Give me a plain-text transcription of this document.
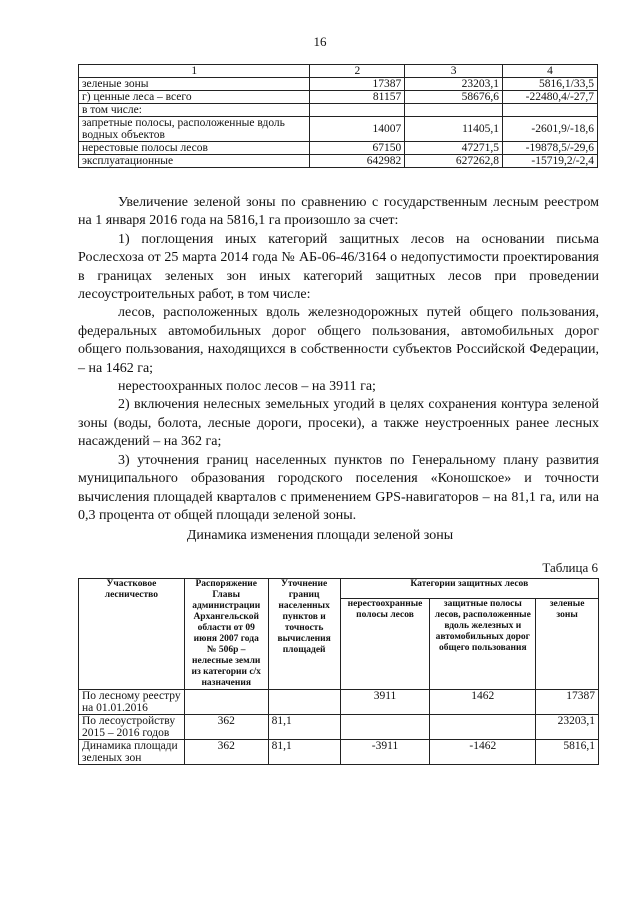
16
1	2	3	4
зеленые зоны	17387	23203,1	5816,1/33,5
г) ценные леса – всего	81157	58676,6	-22480,4/-27,7
в том числе:			
запретные полосы, расположенные вдоль водных объектов	14007	11405,1	-2601,9/-18,6
нерестовые полосы лесов	67150	47271,5	-19878,5/-29,6
эксплуатационные	642982	627262,8	-15719,2/-2,4

Увеличение зеленой зоны по сравнению с государственным лесным реестром на 1 января 2016 года на 5816,1 га произошло за счет:

1) поглощения иных категорий защитных лесов на основании письма Рослесхоза от 25 марта 2014 года № АБ-06-46/3164 о недопустимости проектирования в границах зеленых зон иных категорий защитных лесов при проведении лесоустроительных работ, в том числе:

лесов, расположенных вдоль железнодорожных путей общего пользования, федеральных автомобильных дорог общего пользования, автомобильных дорог общего пользования, находящихся в собственности субъектов Российской Федерации, – на 1462 га;

нерестоохранных полос лесов – на 3911 га;

2) включения нелесных земельных угодий в целях сохранения контура зеленой зоны (воды, болота, лесные дороги, просеки), а также неустроенных ранее лесных насаждений – на 362 га;

3) уточнения границ населенных пунктов по Генеральному плану развития муниципального образования городского поселения «Коношское» и точности вычисления площадей кварталов с применением GPS-навигаторов – на 81,1 га, или на 0,3 процента от общей площади зеленой зоны.

Динамика изменения площади зеленой зоны
Таблица 6
Участковое лесничество	Распоряжение Главы администрации Архангельской области от 09 июня 2007 года № 506р – нелесные земли из категории с/х назначения	Уточнение границ населенных пунктов и точность вычисления площадей	Категории защитных лесов		
			нерестоохранные полосы лесов	защитные полосы лесов, расположенные вдоль железных и автомобильных дорог общего пользования	зеленые зоны
По лесному реестру на 01.01.2016			3911	1462	17387
По лесоустройству 2015 – 2016 годов	362	81,1			23203,1
Динамика площади зеленых зон	362	81,1	-3911	-1462	5816,1
